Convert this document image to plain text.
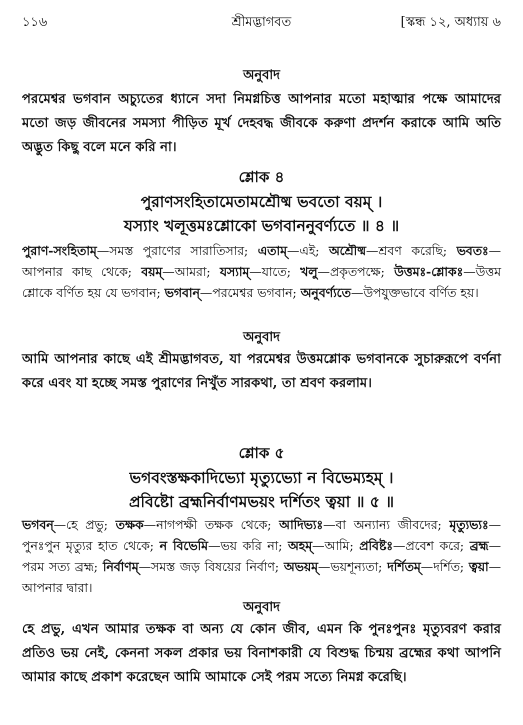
১১৬	শ্রীমদ্ভাগবত	[স্কন্ধ ১২, অধ্যায় ৬
অনুবাদ
পরমেশ্বর ভগবান অচ্যুতের ধ্যানে সদা নিমগ্নচিত্ত আপনার মতো মহাত্মার পক্ষে আমাদের মতো জড় জীবনের সমস্যা পীড়িত মূর্খ দেহবদ্ধ জীবকে করুণা প্রদর্শন করাকে আমি অতি অদ্ভুত কিছু বলে মনে করি না।
শ্লোক ৪
পুরাণসংহিতামেতামশ্রৌষ্ম ভবতো বয়ম্ ।
যস্যাং খলূত্তমঃশ্লোকো ভগবাননুবর্ণ্যতে ॥ ৪ ॥
পুরাণ-সংহিতাম্—সমস্ত পুরাণের সারাতিসার; এতাম্—এই; অশ্রৌষ্ম—শ্রবণ করেছি; ভবতঃ—আপনার কাছ থেকে; বয়ম্—আমরা; যস্যাম্—যাতে; খলু—প্রকৃতপক্ষে; উত্তমঃ-শ্লোকঃ—উত্তম শ্লোকে বর্ণিত হয় যে ভগবান; ভগবান্—পরমেশ্বর ভগবান; অনুবর্ণ্যতে—উপযুক্তভাবে বর্ণিত হয়।
অনুবাদ
আমি আপনার কাছে এই শ্রীমদ্ভাগবত, যা পরমেশ্বর উত্তমশ্লোক ভগবানকে সুচারুরূপে বর্ণনা করে এবং যা হচ্ছে সমস্ত পুরাণের নিখুঁত সারকথা, তা শ্রবণ করলাম।
শ্লোক ৫
ভগবংস্তক্ষকাদিভ্যো মৃত্যুভ্যো ন বিভেম্যহম্ ।
প্রবিষ্টো ব্রহ্মনির্বাণমভয়ং দর্শিতং ত্বয়া ॥ ৫ ॥
ভগবন্—হে প্রভু; তক্ষক—নাগপক্ষী তক্ষক থেকে; আদিভ্যঃ—বা অন্যান্য জীবদের; মৃত্যুভ্যঃ—পুনঃপুন মৃত্যুর হাত থেকে; ন বিভেমি—ভয় করি না; অহম্—আমি; প্রবিষ্টঃ—প্রবেশ করে; ব্রহ্ম—পরম সত্য ব্রহ্ম; নির্বাণম্—সমস্ত জড় বিষয়ের নির্বাণ; অভয়ম্—ভয়শূন্যতা; দর্শিতম্—দর্শিত; ত্বয়া—আপনার দ্বারা।
অনুবাদ
হে প্রভু, এখন আমার তক্ষক বা অন্য যে কোন জীব, এমন কি পুনঃপুনঃ মৃত্যুবরণ করার প্রতিও ভয় নেই, কেননা সকল প্রকার ভয় বিনাশকারী যে বিশুদ্ধ চিন্ময় ব্রহ্মের কথা আপনি আমার কাছে প্রকাশ করেছেন আমি আমাকে সেই পরম সত্যে নিমগ্ন করেছি।
